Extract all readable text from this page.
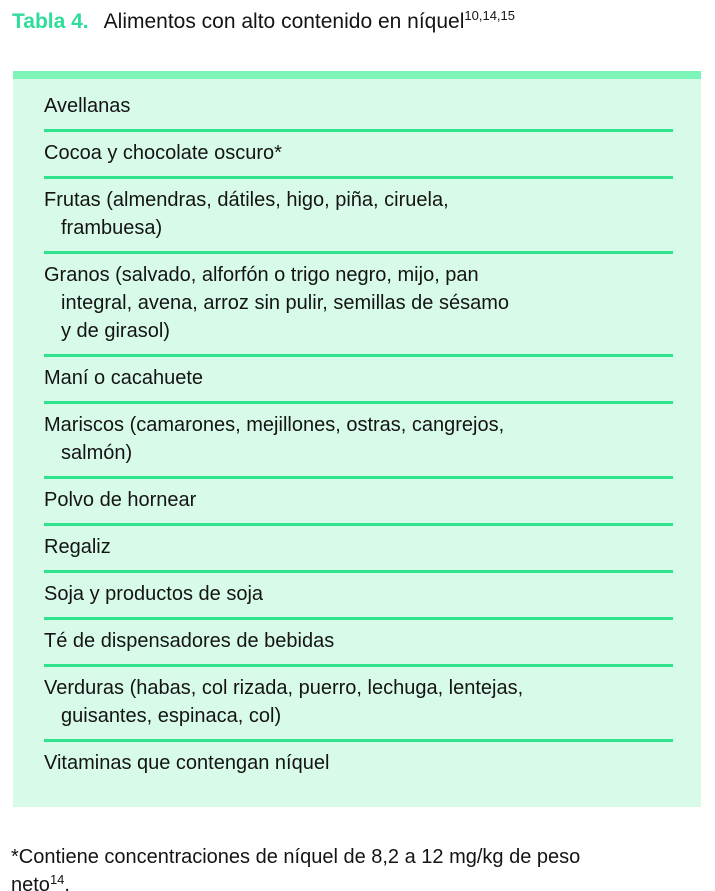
Tabla 4. Alimentos con alto contenido en níquel$^{10,14,15}$
Avellanas
Cocoa y chocolate oscuro*
Frutas (almendras, dátiles, higo, piña, ciruela,
frambuesa)
Granos (salvado, alforfón o trigo negro, mijo, pan
integral, avena, arroz sin pulir, semillas de sésamo
y de girasol)
Maní o cacahuete
Mariscos (camarones, mejillones, ostras, cangrejos,
salmón)
Polvo de hornear
Regaliz
Soja y productos de soja
Té de dispensadores de bebidas
Verduras (habas, col rizada, puerro, lechuga, lentejas,
guisantes, espinaca, col)
Vitaminas que contengan níquel

*Contiene concentraciones de níquel de 8,2 a 12 mg/kg de peso
neto$^{14}$.
